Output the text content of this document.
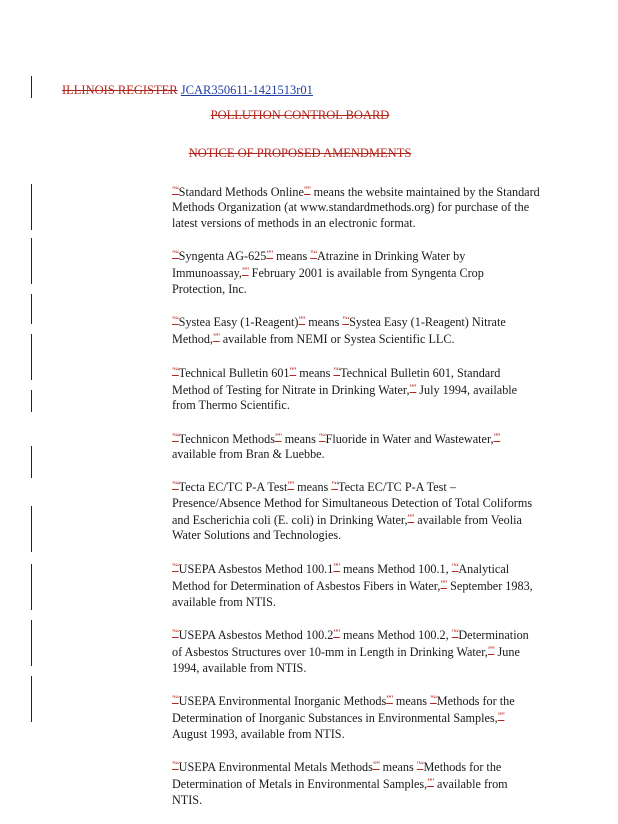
ILLINOIS REGISTER JCAR350611-1421513r01
POLLUTION CONTROL BOARD
NOTICE OF PROPOSED AMENDMENTS

"“Standard Methods Online”" means the website maintained by the Standard Methods Organization (at www.standardmethods.org) for purchase of the latest versions of methods in an electronic format.

"“Syngenta AG-625”" means "“Atrazine in Drinking Water by Immunoassay,”" February 2001 is available from Syngenta Crop Protection, Inc.

"“Systea Easy (1-Reagent)”" means "“Systea Easy (1-Reagent) Nitrate Method,”" available from NEMI or Systea Scientific LLC.

"“Technical Bulletin 601”" means "“Technical Bulletin 601, Standard Method of Testing for Nitrate in Drinking Water,”" July 1994, available from Thermo Scientific.

"“Technicon Methods”" means "“Fluoride in Water and Wastewater,”" available from Bran & Luebbe.

"“Tecta EC/TC P-A Test”" means "“Tecta EC/TC P-A Test – Presence/Absence Method for Simultaneous Detection of Total Coliforms and Escherichia coli (E. coli) in Drinking Water,”" available from Veolia Water Solutions and Technologies.

"“USEPA Asbestos Method 100.1”" means Method 100.1, "“Analytical Method for Determination of Asbestos Fibers in Water,”" September 1983, available from NTIS.

"“USEPA Asbestos Method 100.2”" means Method 100.2, "“Determination of Asbestos Structures over 10-mm in Length in Drinking Water,”" June 1994, available from NTIS.

"“USEPA Environmental Inorganic Methods”" means "“Methods for the Determination of Inorganic Substances in Environmental Samples,”" August 1993, available from NTIS.

"“USEPA Environmental Metals Methods”" means "“Methods for the Determination of Metals in Environmental Samples,”" available from NTIS.
